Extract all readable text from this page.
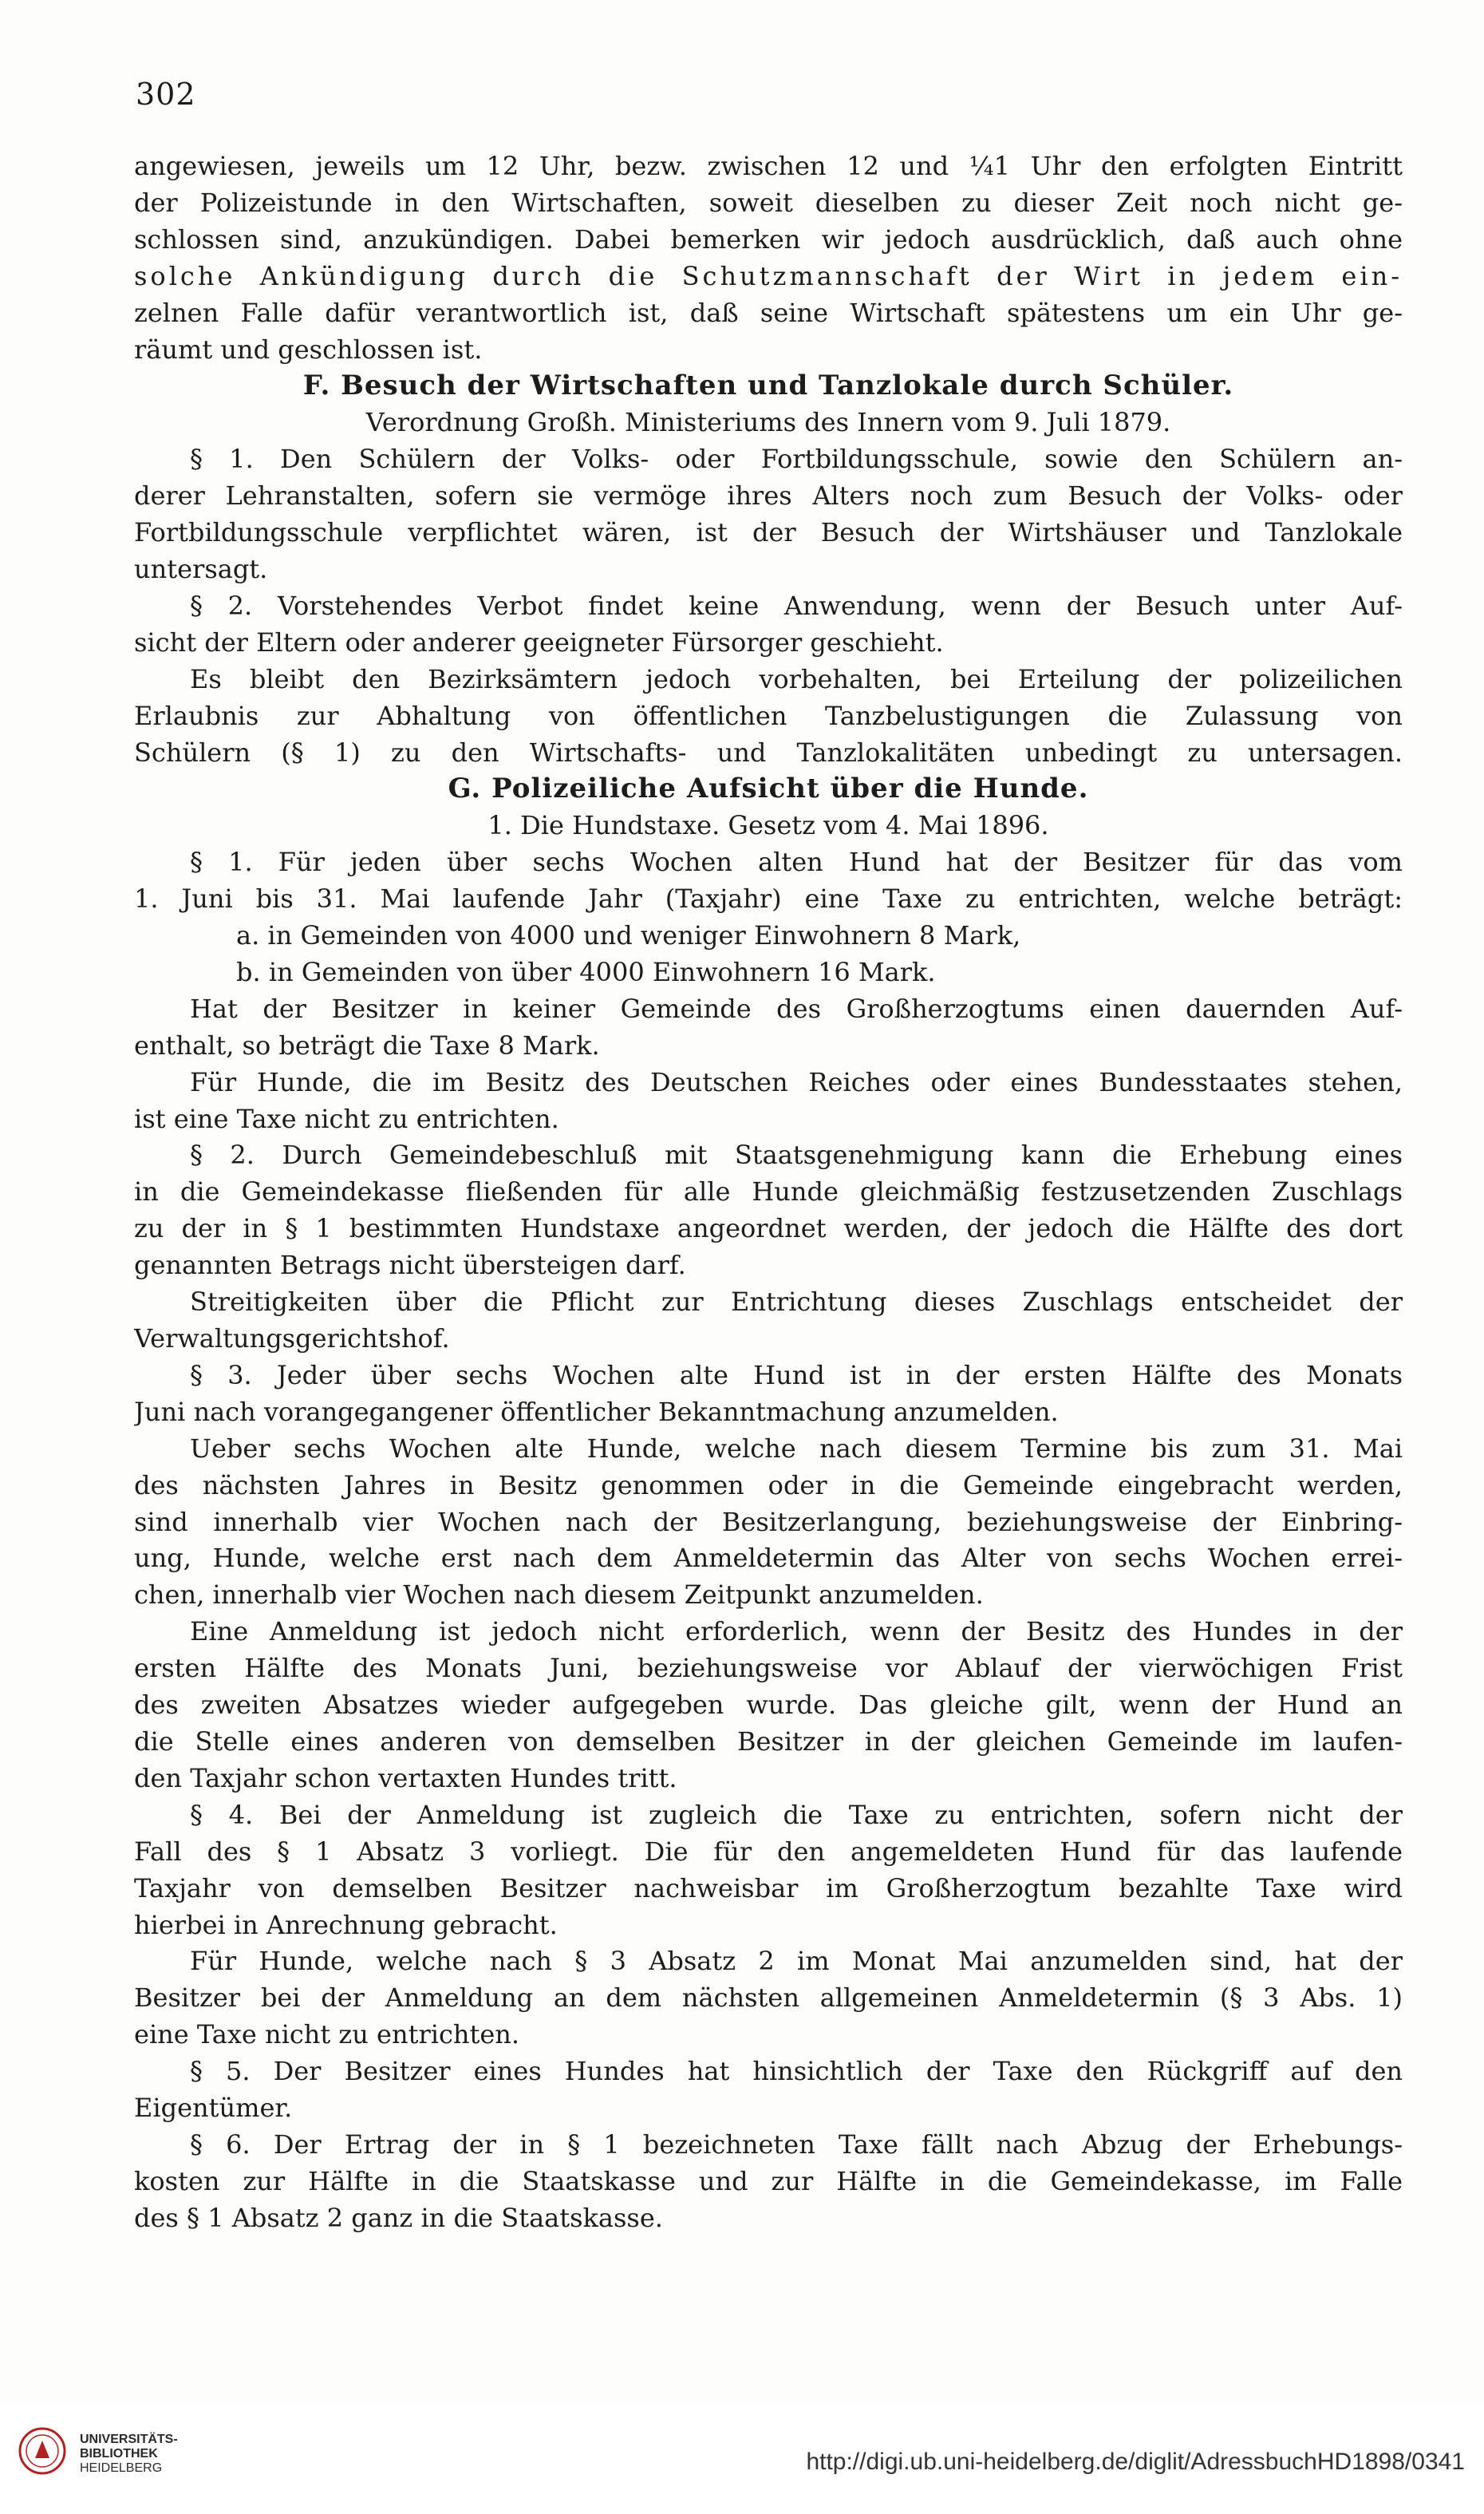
302
angewiesen, jeweils um 12 Uhr, bezw. zwischen 12 und ¼1 Uhr den erfolgten Eintritt
der Polizeistunde in den Wirtschaften, soweit dieselben zu dieser Zeit noch nicht ge-
schlossen sind, anzukündigen. Dabei bemerken wir jedoch ausdrücklich, daß auch ohne
solche Ankündigung durch die Schutzmannschaft der Wirt in jedem ein-
zelnen Falle dafür verantwortlich ist, daß seine Wirtschaft spätestens um ein Uhr ge-
räumt und geschlossen ist.
F. Besuch der Wirtschaften und Tanzlokale durch Schüler.
Verordnung Großh. Ministeriums des Innern vom 9. Juli 1879.
§ 1. Den Schülern der Volks- oder Fortbildungsschule, sowie den Schülern an-
derer Lehranstalten, sofern sie vermöge ihres Alters noch zum Besuch der Volks- oder
Fortbildungsschule verpflichtet wären, ist der Besuch der Wirtshäuser und Tanzlokale
untersagt.
§ 2. Vorstehendes Verbot findet keine Anwendung, wenn der Besuch unter Auf-
sicht der Eltern oder anderer geeigneter Fürsorger geschieht.
Es bleibt den Bezirksämtern jedoch vorbehalten, bei Erteilung der polizeilichen
Erlaubnis zur Abhaltung von öffentlichen Tanzbelustigungen die Zulassung von
Schülern (§ 1) zu den Wirtschafts- und Tanzlokalitäten unbedingt zu untersagen.
G. Polizeiliche Aufsicht über die Hunde.
1. Die Hundstaxe. Gesetz vom 4. Mai 1896.
§ 1. Für jeden über sechs Wochen alten Hund hat der Besitzer für das vom
1. Juni bis 31. Mai laufende Jahr (Taxjahr) eine Taxe zu entrichten, welche beträgt:
a. in Gemeinden von 4000 und weniger Einwohnern 8 Mark,
b. in Gemeinden von über 4000 Einwohnern 16 Mark.
Hat der Besitzer in keiner Gemeinde des Großherzogtums einen dauernden Auf-
enthalt, so beträgt die Taxe 8 Mark.
Für Hunde, die im Besitz des Deutschen Reiches oder eines Bundesstaates stehen,
ist eine Taxe nicht zu entrichten.
§ 2. Durch Gemeindebeschluß mit Staatsgenehmigung kann die Erhebung eines
in die Gemeindekasse fließenden für alle Hunde gleichmäßig festzusetzenden Zuschlags
zu der in § 1 bestimmten Hundstaxe angeordnet werden, der jedoch die Hälfte des dort
genannten Betrags nicht übersteigen darf.
Streitigkeiten über die Pflicht zur Entrichtung dieses Zuschlags entscheidet der
Verwaltungsgerichtshof.
§ 3. Jeder über sechs Wochen alte Hund ist in der ersten Hälfte des Monats
Juni nach vorangegangener öffentlicher Bekanntmachung anzumelden.
Ueber sechs Wochen alte Hunde, welche nach diesem Termine bis zum 31. Mai
des nächsten Jahres in Besitz genommen oder in die Gemeinde eingebracht werden,
sind innerhalb vier Wochen nach der Besitzerlangung, beziehungsweise der Einbring-
ung, Hunde, welche erst nach dem Anmeldetermin das Alter von sechs Wochen errei-
chen, innerhalb vier Wochen nach diesem Zeitpunkt anzumelden.
Eine Anmeldung ist jedoch nicht erforderlich, wenn der Besitz des Hundes in der
ersten Hälfte des Monats Juni, beziehungsweise vor Ablauf der vierwöchigen Frist
des zweiten Absatzes wieder aufgegeben wurde. Das gleiche gilt, wenn der Hund an
die Stelle eines anderen von demselben Besitzer in der gleichen Gemeinde im laufen-
den Taxjahr schon vertaxten Hundes tritt.
§ 4. Bei der Anmeldung ist zugleich die Taxe zu entrichten, sofern nicht der
Fall des § 1 Absatz 3 vorliegt. Die für den angemeldeten Hund für das laufende
Taxjahr von demselben Besitzer nachweisbar im Großherzogtum bezahlte Taxe wird
hierbei in Anrechnung gebracht.
Für Hunde, welche nach § 3 Absatz 2 im Monat Mai anzumelden sind, hat der
Besitzer bei der Anmeldung an dem nächsten allgemeinen Anmeldetermin (§ 3 Abs. 1)
eine Taxe nicht zu entrichten.
§ 5. Der Besitzer eines Hundes hat hinsichtlich der Taxe den Rückgriff auf den
Eigentümer.
§ 6. Der Ertrag der in § 1 bezeichneten Taxe fällt nach Abzug der Erhebungs-
kosten zur Hälfte in die Staatskasse und zur Hälfte in die Gemeindekasse, im Falle
des § 1 Absatz 2 ganz in die Staatskasse.
UNIVERSITÄTS-
BIBLIOTHEK
HEIDELBERG	http://digi.ub.uni-heidelberg.de/diglit/AdressbuchHD1898/0341
